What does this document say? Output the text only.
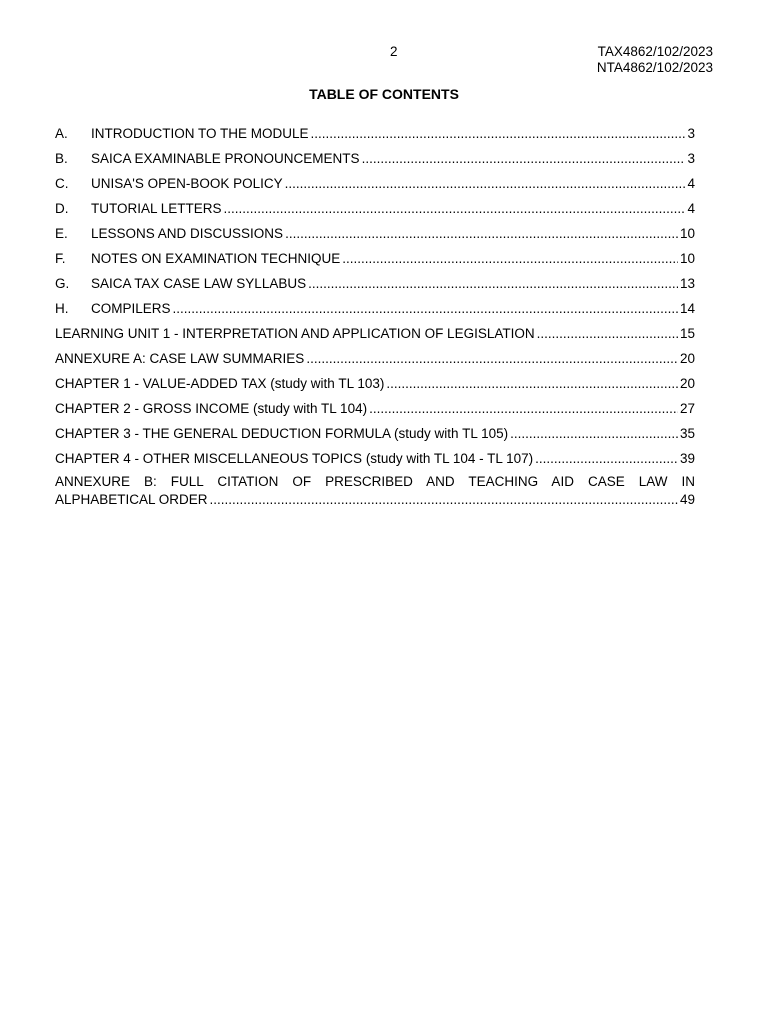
2	TAX4862/102/2023
NTA4862/102/2023
TABLE OF CONTENTS
A.	INTRODUCTION TO THE MODULE .....	3
B.	SAICA EXAMINABLE PRONOUNCEMENTS .....	3
C.	UNISA'S OPEN-BOOK POLICY .....	4
D.	TUTORIAL LETTERS .....	4
E.	LESSONS AND DISCUSSIONS .....	10
F.	NOTES ON EXAMINATION TECHNIQUE .....	10
G.	SAICA TAX CASE LAW SYLLABUS .....	13
H.	COMPILERS .....	14
LEARNING UNIT 1 - INTERPRETATION AND APPLICATION OF LEGISLATION .....	15
ANNEXURE A: CASE LAW SUMMARIES .....	20
CHAPTER 1 - VALUE-ADDED TAX (study with TL 103) .....	20
CHAPTER 2 - GROSS INCOME (study with TL 104) .....	27
CHAPTER 3 - THE GENERAL DEDUCTION FORMULA (study with TL 105) .....	35
CHAPTER 4 - OTHER MISCELLANEOUS TOPICS (study with TL 104 - TL 107) .....	39
ANNEXURE B: FULL CITATION OF PRESCRIBED AND TEACHING AID CASE LAW IN
ALPHABETICAL ORDER .....	49
